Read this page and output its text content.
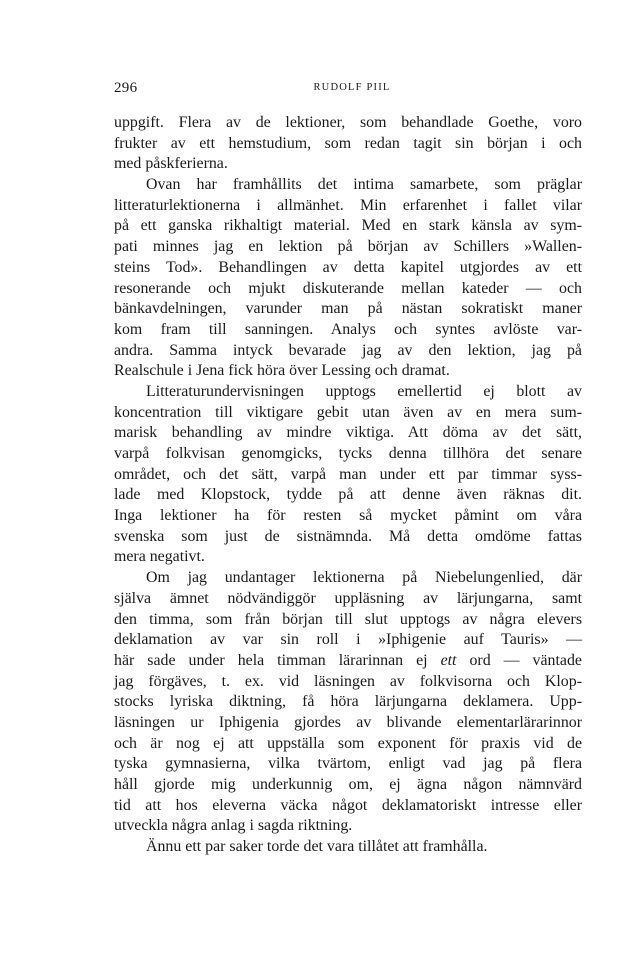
296	RUDOLF PIIL
uppgift. Flera av de lektioner, som behandlade Goethe, voro
frukter av ett hemstudium, som redan tagit sin början i och
med påskferierna.
Ovan har framhållits det intima samarbete, som präglar
litteraturlektionerna i allmänhet. Min erfarenhet i fallet vilar
på ett ganska rikhaltigt material. Med en stark känsla av sym-
pati minnes jag en lektion på början av Schillers »Wallen-
steins Tod». Behandlingen av detta kapitel utgjordes av ett
resonerande och mjukt diskuterande mellan kateder — och
bänkavdelningen, varunder man på nästan sokratiskt maner
kom fram till sanningen. Analys och syntes avlöste var-
andra. Samma intyck bevarade jag av den lektion, jag på
Realschule i Jena fick höra över Lessing och dramat.
Litteraturundervisningen upptogs emellertid ej blott av
koncentration till viktigare gebit utan även av en mera sum-
marisk behandling av mindre viktiga. Att döma av det sätt,
varpå folkvisan genomgicks, tycks denna tillhöra det senare
området, och det sätt, varpå man under ett par timmar syss-
lade med Klopstock, tydde på att denne även räknas dit.
Inga lektioner ha för resten så mycket påmint om våra
svenska som just de sistnämnda. Må detta omdöme fattas
mera negativt.
Om jag undantager lektionerna på Niebelungenlied, där
själva ämnet nödvändiggör uppläsning av lärjungarna, samt
den timma, som från början till slut upptogs av några elevers
deklamation av var sin roll i »Iphigenie auf Tauris» —
här sade under hela timman lärarinnan ej ett ord — väntade
jag förgäves, t. ex. vid läsningen av folkvisorna och Klop-
stocks lyriska diktning, få höra lärjungarna deklamera. Upp-
läsningen ur Iphigenia gjordes av blivande elementarlärarinnor
och är nog ej att uppställa som exponent för praxis vid de
tyska gymnasierna, vilka tvärtom, enligt vad jag på flera
håll gjorde mig underkunnig om, ej ägna någon nämnvärd
tid att hos eleverna väcka något deklamatoriskt intresse eller
utveckla några anlag i sagda riktning.
Ännu ett par saker torde det vara tillåtet att framhålla.
